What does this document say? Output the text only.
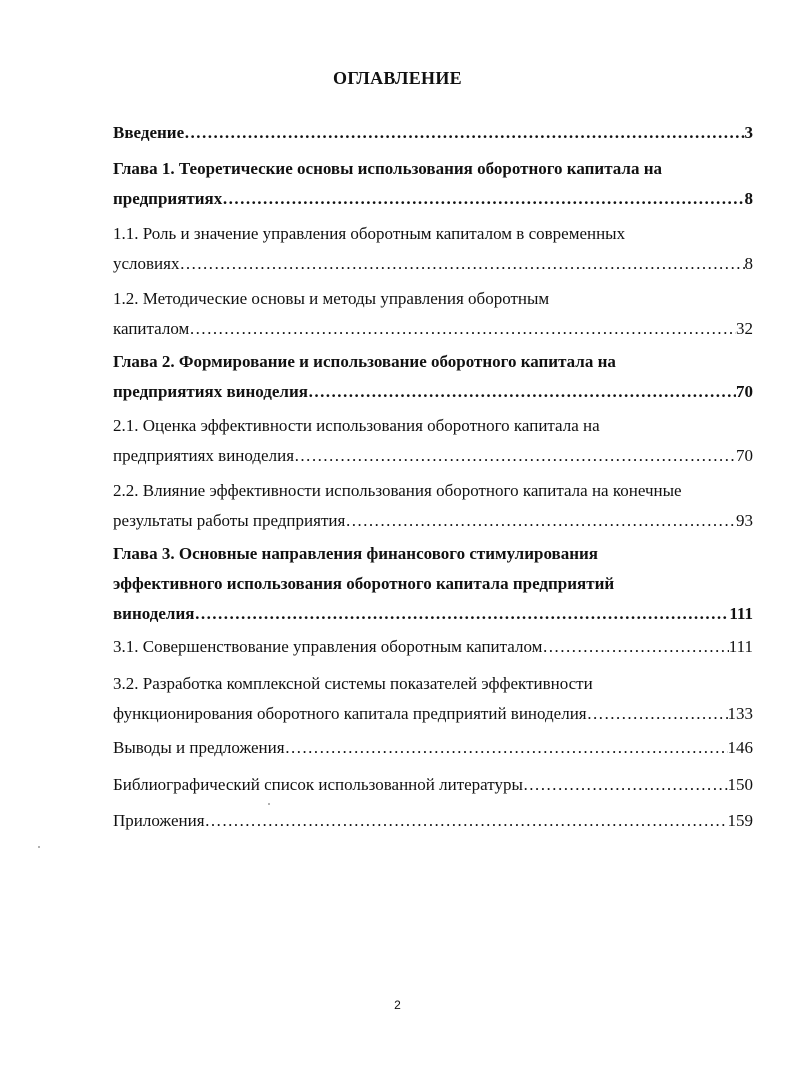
ОГЛАВЛЕНИЕ
Введение ……………………………………………………………………………………………………………………………………………………	3
Глава 1. Теоретические основы использования оборотного капитала на
предприятиях ……………………………………………………………………………………………………………………………………………………	8
1.1. Роль и значение управления оборотным капиталом в современных
условиях ……………………………………………………………………………………………………………………………………………………	8
1.2. Методические основы и методы управления оборотным
капиталом ……………………………………………………………………………………………………………………………………………………	32
Глава 2. Формирование и использование оборотного капитала на
предприятиях виноделия ……………………………………………………………………………………………………………………………………………………	70
2.1. Оценка эффективности использования оборотного капитала на
предприятиях виноделия ……………………………………………………………………………………………………………………………………………………	70
2.2. Влияние эффективности использования оборотного капитала на конечные
результаты работы предприятия ……………………………………………………………………………………………………………………………………………………	93
Глава 3. Основные направления финансового стимулирования
эффективного использования оборотного капитала предприятий
виноделия ……………………………………………………………………………………………………………………………………………………	111
3.1. Совершенствование управления оборотным капиталом ……………………………………………………………………………………………………………………………………………………	111
3.2. Разработка комплексной системы показателей эффективности
функционирования оборотного капитала предприятий виноделия ……………………………………………………………………………………………………………………………………………………	133
Выводы и предложения ……………………………………………………………………………………………………………………………………………………	146
Библиографический список использованной литературы ……………………………………………………………………………………………………………………………………………………	150
Приложения ……………………………………………………………………………………………………………………………………………………	159
2
